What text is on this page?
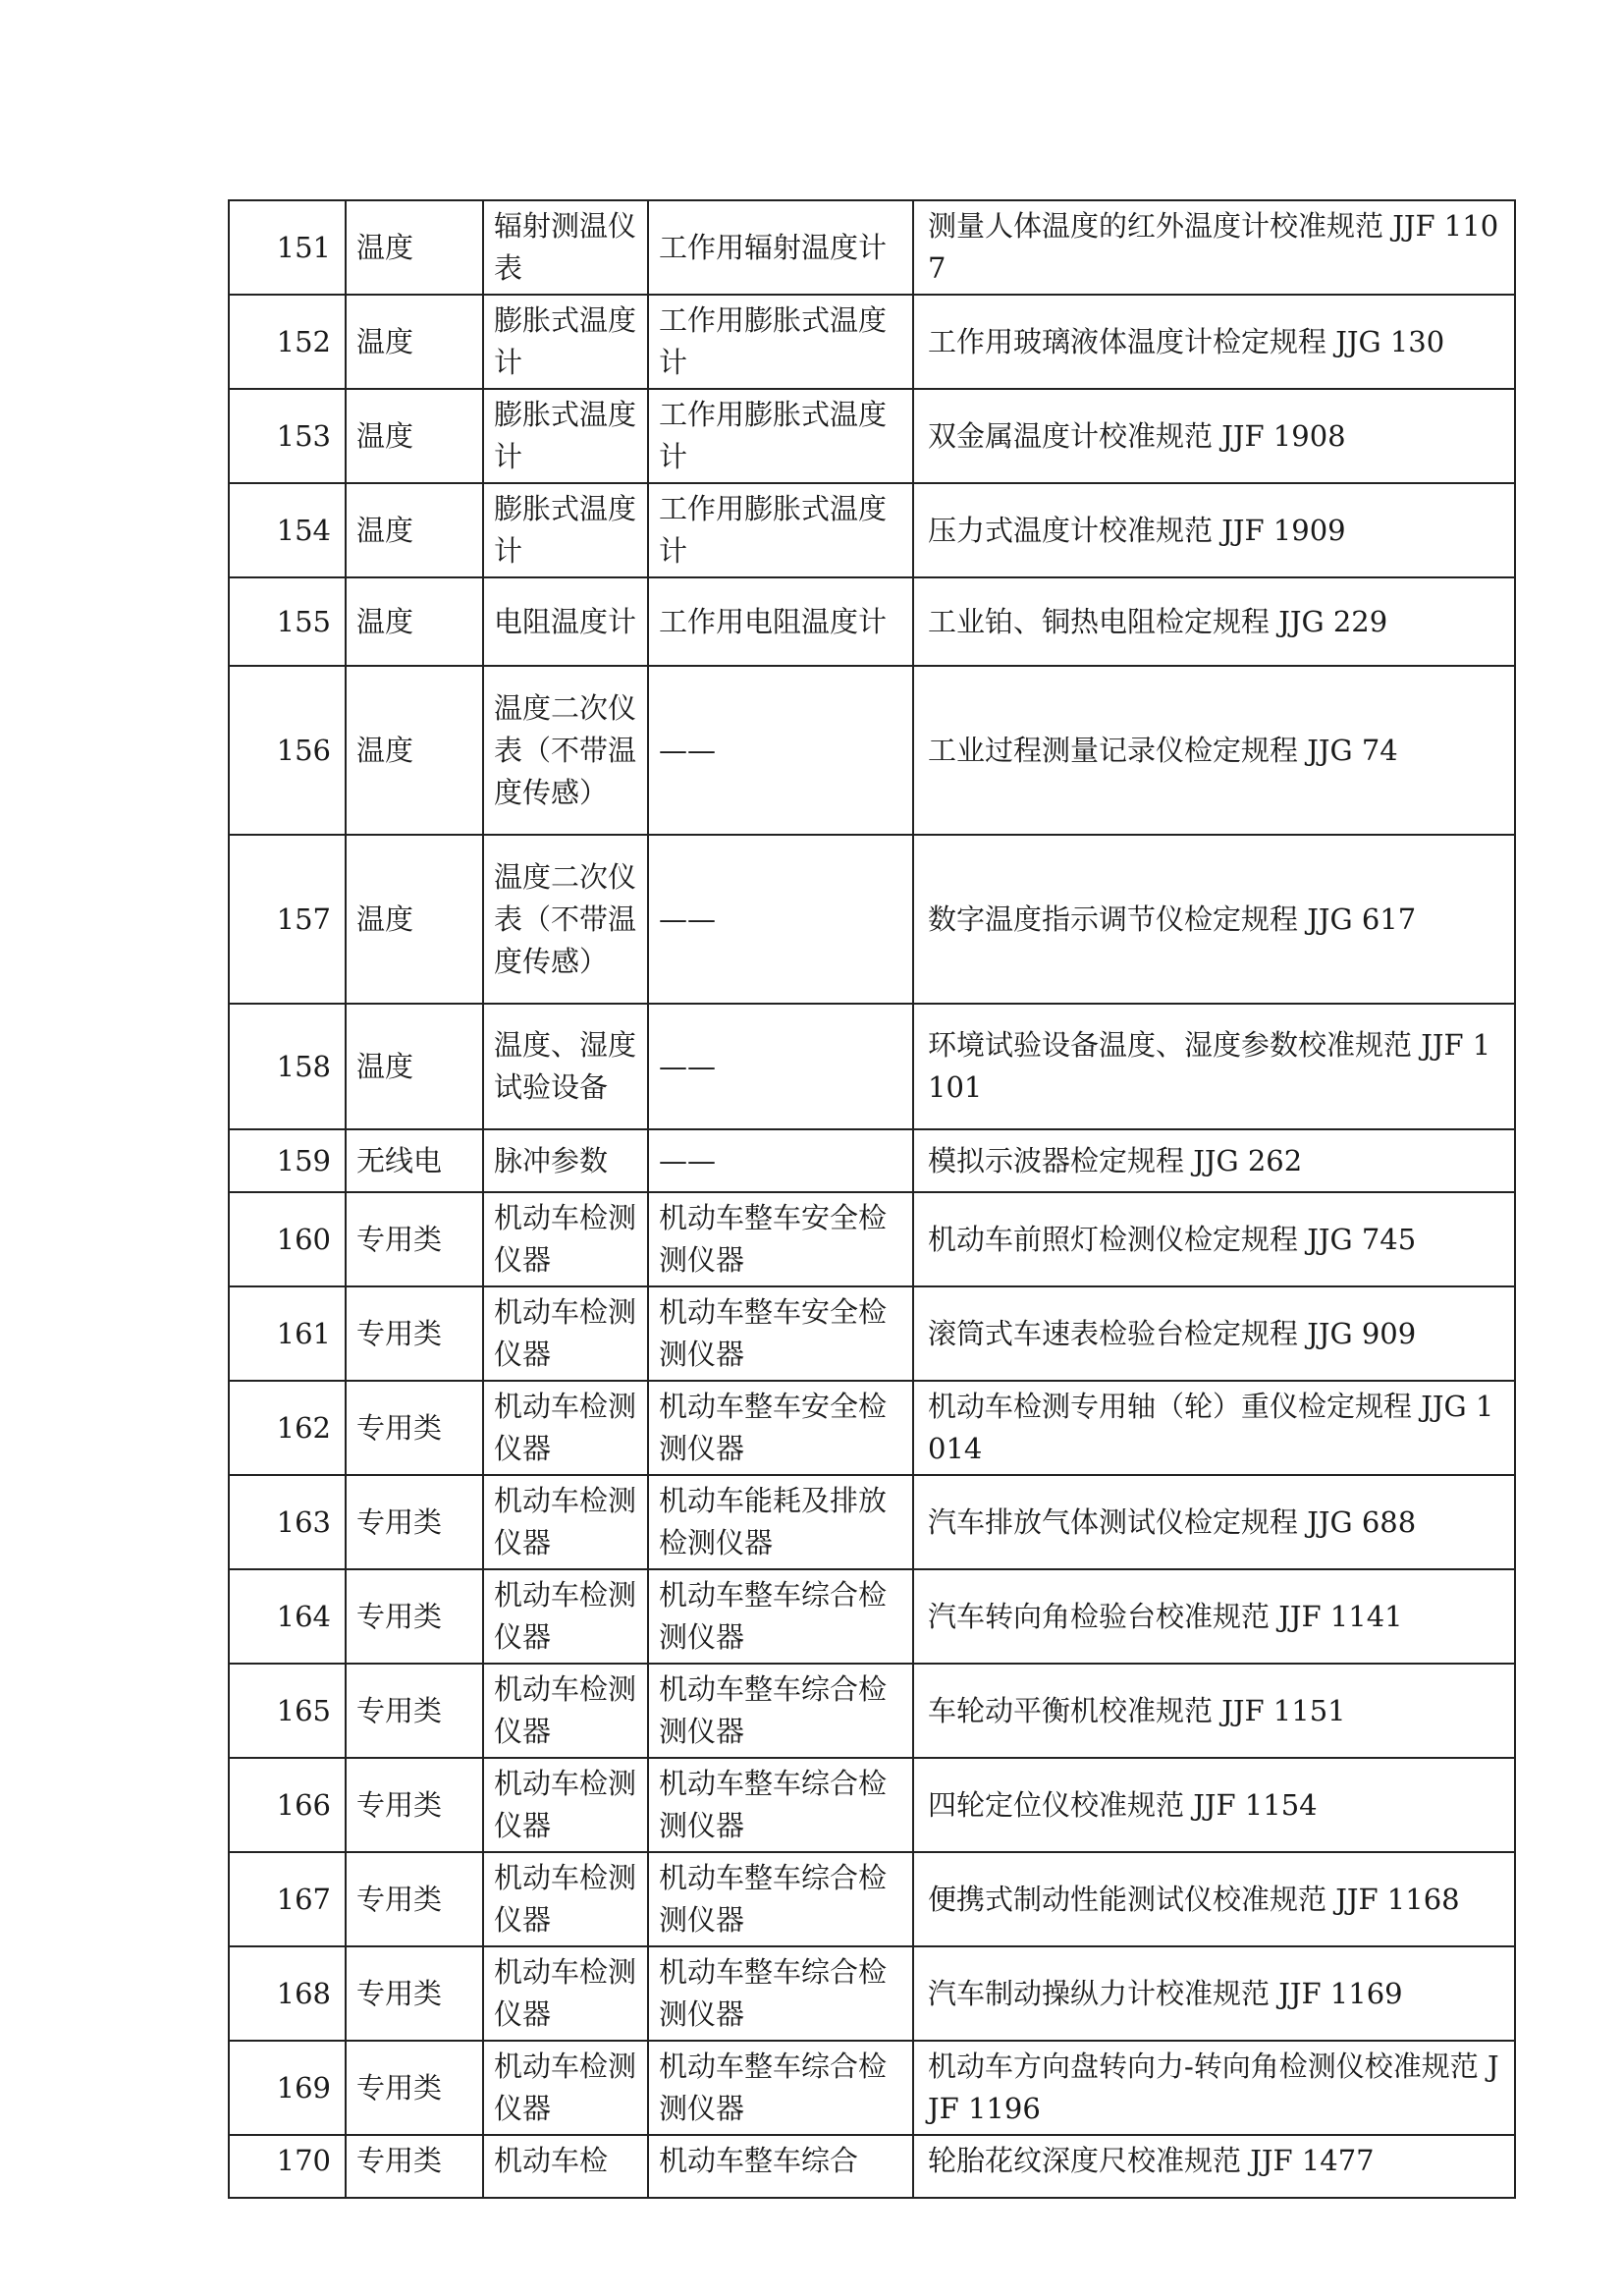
151	温度	辐射测温仪表	工作用辐射温度计	测量人体温度的红外温度计校准规范 JJF 1107
152	温度	膨胀式温度计	工作用膨胀式温度计	工作用玻璃液体温度计检定规程 JJG 130
153	温度	膨胀式温度计	工作用膨胀式温度计	双金属温度计校准规范 JJF 1908
154	温度	膨胀式温度计	工作用膨胀式温度计	压力式温度计校准规范 JJF 1909
155	温度	电阻温度计	工作用电阻温度计	工业铂、铜热电阻检定规程 JJG 229
156	温度	温度二次仪表（不带温度传感）	——	工业过程测量记录仪检定规程 JJG 74
157	温度	温度二次仪表（不带温度传感）	——	数字温度指示调节仪检定规程 JJG 617
158	温度	温度、湿度试验设备	——	环境试验设备温度、湿度参数校准规范 JJF 1101
159	无线电	脉冲参数	——	模拟示波器检定规程 JJG 262
160	专用类	机动车检测仪器	机动车整车安全检测仪器	机动车前照灯检测仪检定规程 JJG 745
161	专用类	机动车检测仪器	机动车整车安全检测仪器	滚筒式车速表检验台检定规程 JJG 909
162	专用类	机动车检测仪器	机动车整车安全检测仪器	机动车检测专用轴（轮）重仪检定规程 JJG 1014
163	专用类	机动车检测仪器	机动车能耗及排放检测仪器	汽车排放气体测试仪检定规程 JJG 688
164	专用类	机动车检测仪器	机动车整车综合检测仪器	汽车转向角检验台校准规范 JJF 1141
165	专用类	机动车检测仪器	机动车整车综合检测仪器	车轮动平衡机校准规范 JJF 1151
166	专用类	机动车检测仪器	机动车整车综合检测仪器	四轮定位仪校准规范 JJF 1154
167	专用类	机动车检测仪器	机动车整车综合检测仪器	便携式制动性能测试仪校准规范 JJF 1168
168	专用类	机动车检测仪器	机动车整车综合检测仪器	汽车制动操纵力计校准规范 JJF 1169
169	专用类	机动车检测仪器	机动车整车综合检测仪器	机动车方向盘转向力-转向角检测仪校准规范 JJF 1196
170	专用类	机动车检	机动车整车综合	轮胎花纹深度尺校准规范 JJF 1477
